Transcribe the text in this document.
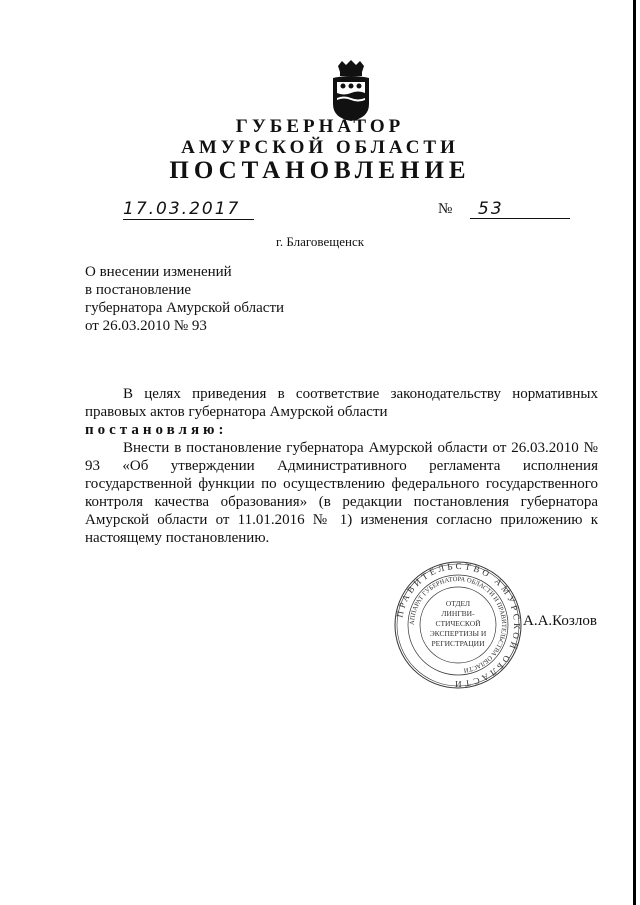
ГУБЕРНАТОР
АМУРСКОЙ ОБЛАСТИ
ПОСТАНОВЛЕНИЕ
17.03.2017	№	53
г. Благовещенск
О внесении изменений
в постановление
губернатора Амурской области
от 26.03.2010 № 93

В целях приведения в соответствие законодательству нормативных правовых актов губернатора Амурской области

постановляю:

Внести в постановление губернатора Амурской области от 26.03.2010 № 93 «Об утверждении Административного регламента исполнения государственной функции по осуществлению федерального государственного контроля качества образования» (в редакции постановления губернатора Амурской области от 11.01.2016 № 1) изменения согласно приложению к настоящему постановлению.

ПРАВИТЕЛЬСТВО АМУРСКОЙ ОБЛАСТИ
АППАРАТ ГУБЕРНАТОРА ОБЛАСТИ И ПРАВИТЕЛЬСТВА ОБЛАСТИ
ОТДЕЛ
ЛИНГВИ-
СТИЧЕСКОЙ
ЭКСПЕРТИЗЫ И
РЕГИСТРАЦИИ
А.А.Козлов
